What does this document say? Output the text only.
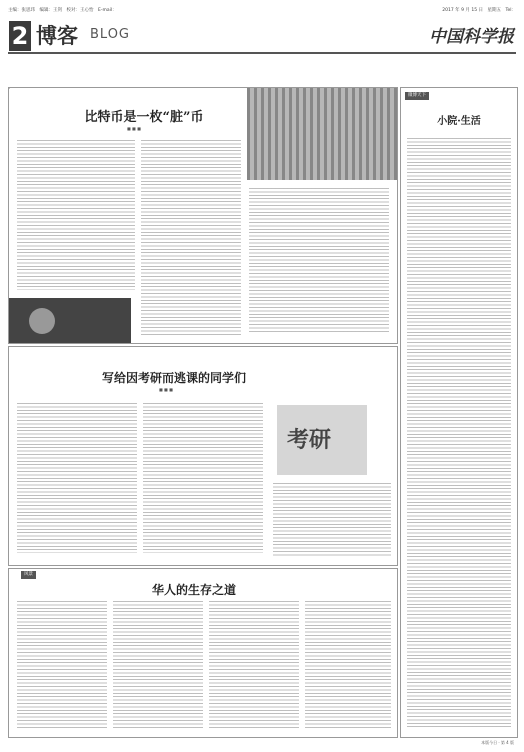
主编：张思玮　编辑：王剑　校对：王心怡　E-mail：	2017 年 9 月 15 日　星期五　Tel：
2 博客 BLOG	中国科学报
比特币是一枚“脏”币
■ ■ ■
写给因考研而逃课的同学们
■ ■ ■
考研
风景
华人的生存之道
微博天下
小院·生活
本版今日 · 第 4 版
